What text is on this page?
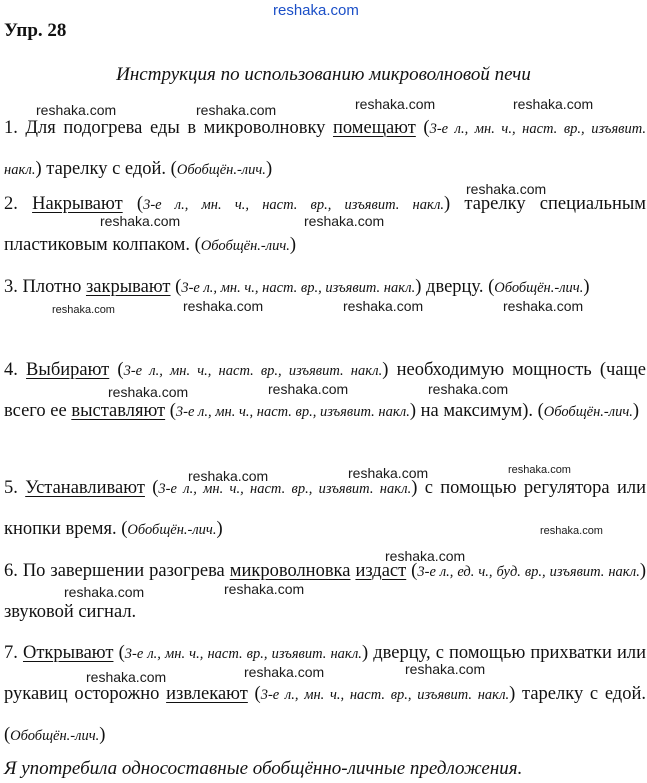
reshaka.com
reshaka.com	reshaka.com	reshaka.com	reshaka.com
reshaka.com
reshaka.com	reshaka.com
reshaka.com	reshaka.com	reshaka.com	reshaka.com
reshaka.com	reshaka.com	reshaka.com
reshaka.com	reshaka.com	reshaka.com
reshaka.com
reshaka.com
reshaka.com	reshaka.com
reshaka.com	reshaka.com
reshaka.com
Упр. 28
Инструкция по использованию микроволновой печи
1. Для подогрева еды в микроволновку помещают (3-е л., мн. ч., наст. вр., изъявит. накл.) тарелку с едой. (Обобщён.-лич.)
2. Накрывают (3-е л., мн. ч., наст. вр., изъявит. накл.) тарелку специальным пластиковым колпаком. (Обобщён.-лич.)
3. Плотно закрывают (3-е л., мн. ч., наст. вр., изъявит. накл.) дверцу. (Обобщён.-лич.)
4. Выбирают (3-е л., мн. ч., наст. вр., изъявит. накл.) необходимую мощность (чаще всего ее выставляют (3-е л., мн. ч., наст. вр., изъявит. накл.) на максимум). (Обобщён.-лич.)
5. Устанавливают (3-е л., мн. ч., наст. вр., изъявит. накл.) с помощью регулятора или кнопки время. (Обобщён.-лич.)
6. По завершении разогрева микроволновка издаст (3-е л., ед. ч., буд. вр., изъявит. накл.) звуковой сигнал.
7. Открывают (3-е л., мн. ч., наст. вр., изъявит. накл.) дверцу, с помощью прихватки или рукавиц осторожно извлекают (3-е л., мн. ч., наст. вр., изъявит. накл.) тарелку с едой. (Обобщён.-лич.)
Я употребила односоставные обобщённо-личные предложения.
